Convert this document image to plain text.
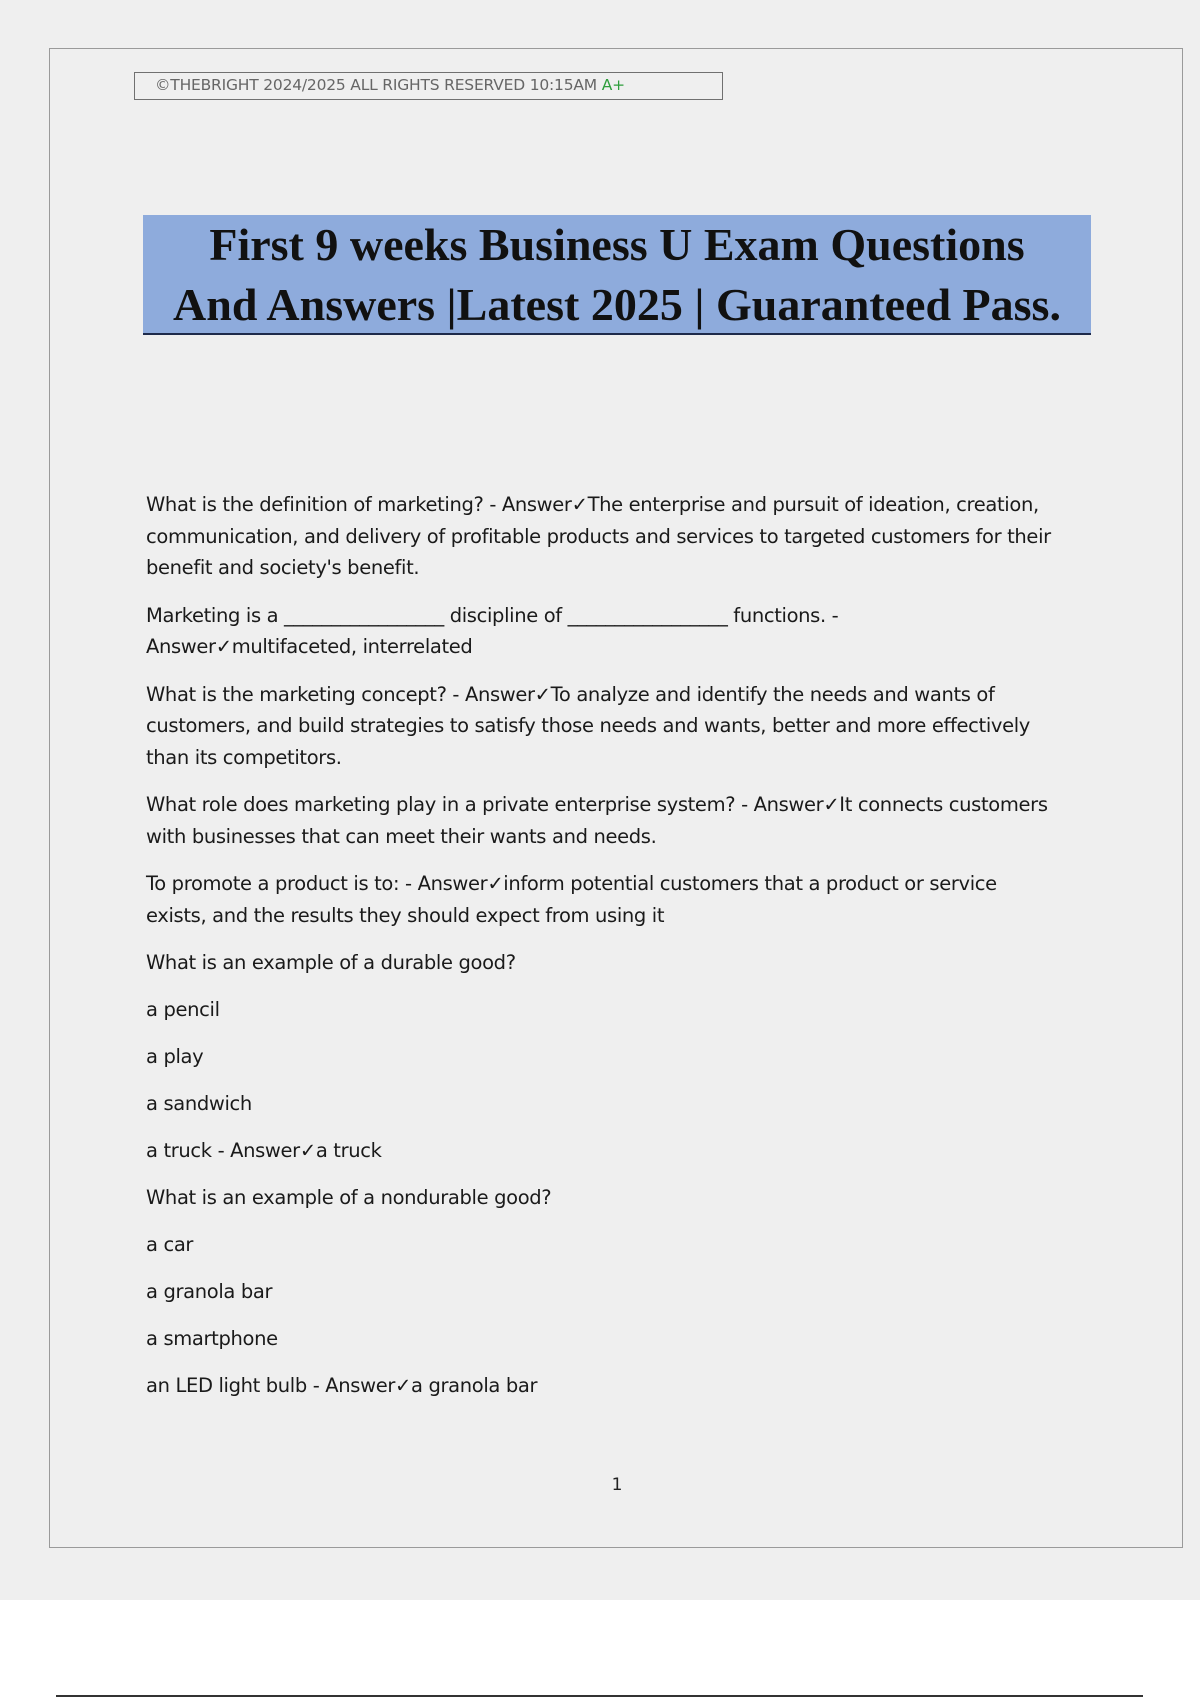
©THEBRIGHT 2024/2025 ALL RIGHTS RESERVED 10:15AM A+
First 9 weeks Business U Exam Questions
And Answers |Latest 2025 | Guaranteed Pass.
What is the definition of marketing? - Answer✓The enterprise and pursuit of ideation, creation,
communication, and delivery of profitable products and services to targeted customers for their
benefit and society's benefit.
Marketing is a _________________ discipline of _________________ functions. -
Answer✓multifaceted, interrelated
What is the marketing concept? - Answer✓To analyze and identify the needs and wants of
customers, and build strategies to satisfy those needs and wants, better and more effectively
than its competitors.
What role does marketing play in a private enterprise system? - Answer✓It connects customers
with businesses that can meet their wants and needs.
To promote a product is to: - Answer✓inform potential customers that a product or service
exists, and the results they should expect from using it
What is an example of a durable good?
a pencil
a play
a sandwich
a truck - Answer✓a truck
What is an example of a nondurable good?
a car
a granola bar
a smartphone
an LED light bulb - Answer✓a granola bar
1
